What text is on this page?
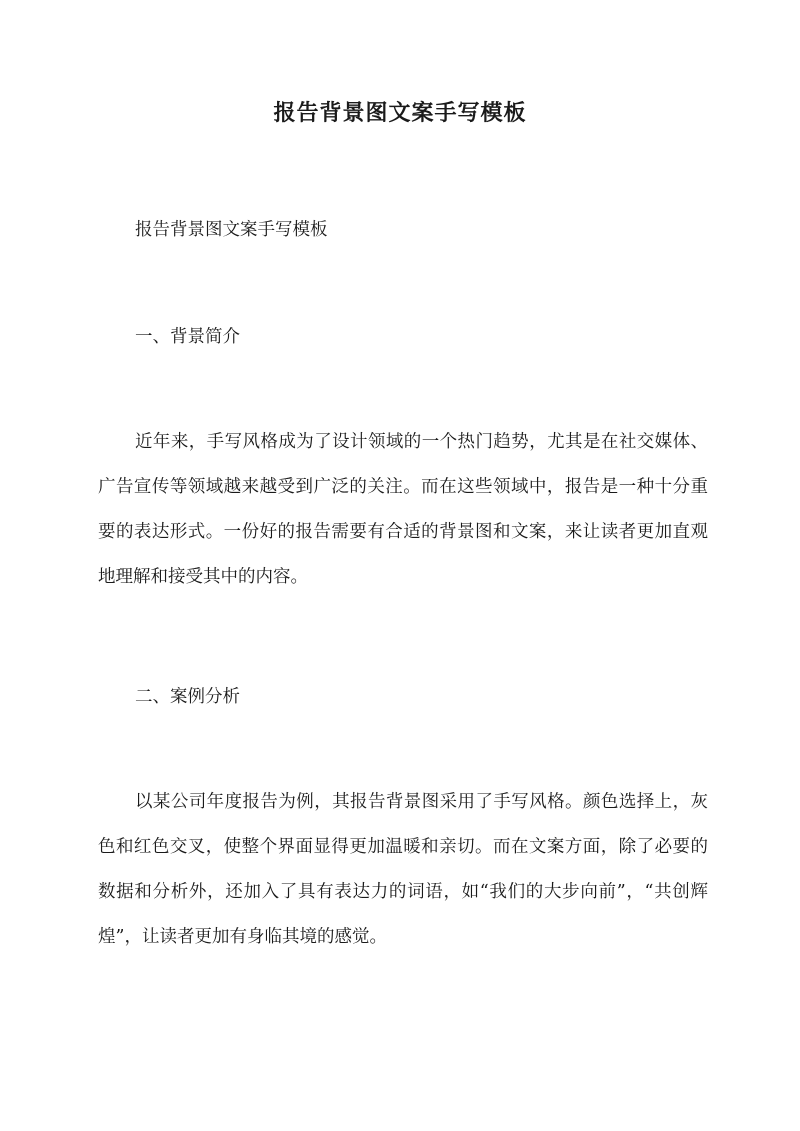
报告背景图文案手写模板

报告背景图文案手写模板

一、背景简介

近年来，手写风格成为了设计领域的一个热门趋势，尤其是在社交媒体、广告宣传等领域越来越受到广泛的关注。而在这些领域中，报告是一种十分重要的表达形式。一份好的报告需要有合适的背景图和文案，来让读者更加直观地理解和接受其中的内容。

二、案例分析

以某公司年度报告为例，其报告背景图采用了手写风格。颜色选择上，灰色和红色交叉，使整个界面显得更加温暖和亲切。而在文案方面，除了必要的数据和分析外，还加入了具有表达力的词语，如“我们的大步向前”，“共创辉煌”，让读者更加有身临其境的感觉。
